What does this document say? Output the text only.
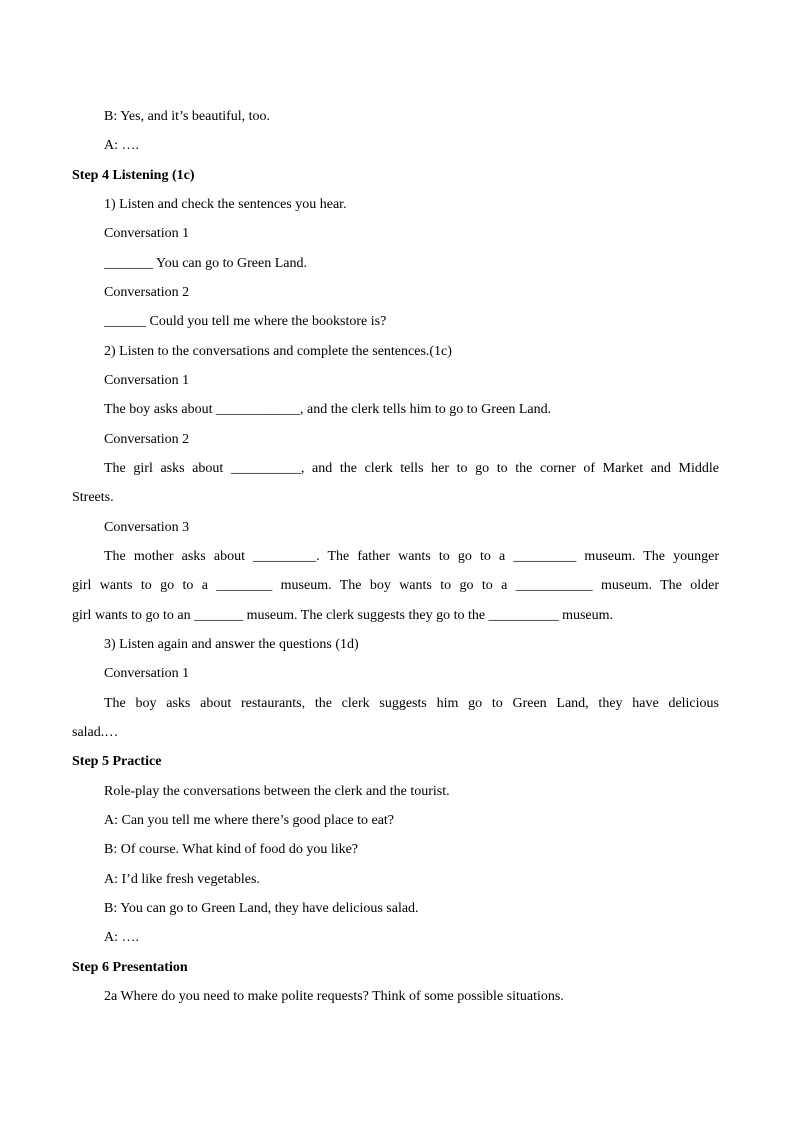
B: Yes, and it’s beautiful, too.
A: ….
Step 4 Listening (1c)
1) Listen and check the sentences you hear.
Conversation 1
_______ You can go to Green Land.
Conversation 2
______ Could you tell me where the bookstore is?
2) Listen to the conversations and complete the sentences.(1c)
Conversation 1
The boy asks about ____________, and the clerk tells him to go to Green Land.
Conversation 2
The girl asks about __________, and the clerk tells her to go to the corner of Market and Middle
Streets.
Conversation 3
The mother asks about _________. The father wants to go to a _________ museum. The younger
girl wants to go to a ________ museum. The boy wants to go to a ___________ museum. The older
girl wants to go to an _______ museum. The clerk suggests they go to the __________ museum.
3) Listen again and answer the questions (1d)
Conversation 1
The boy asks about restaurants, the clerk suggests him go to Green Land, they have delicious
salad.…
Step 5 Practice
Role-play the conversations between the clerk and the tourist.
A: Can you tell me where there’s good place to eat?
B: Of course. What kind of food do you like?
A: I’d like fresh vegetables.
B: You can go to Green Land, they have delicious salad.
A: ….
Step 6 Presentation
2a Where do you need to make polite requests? Think of some possible situations.
